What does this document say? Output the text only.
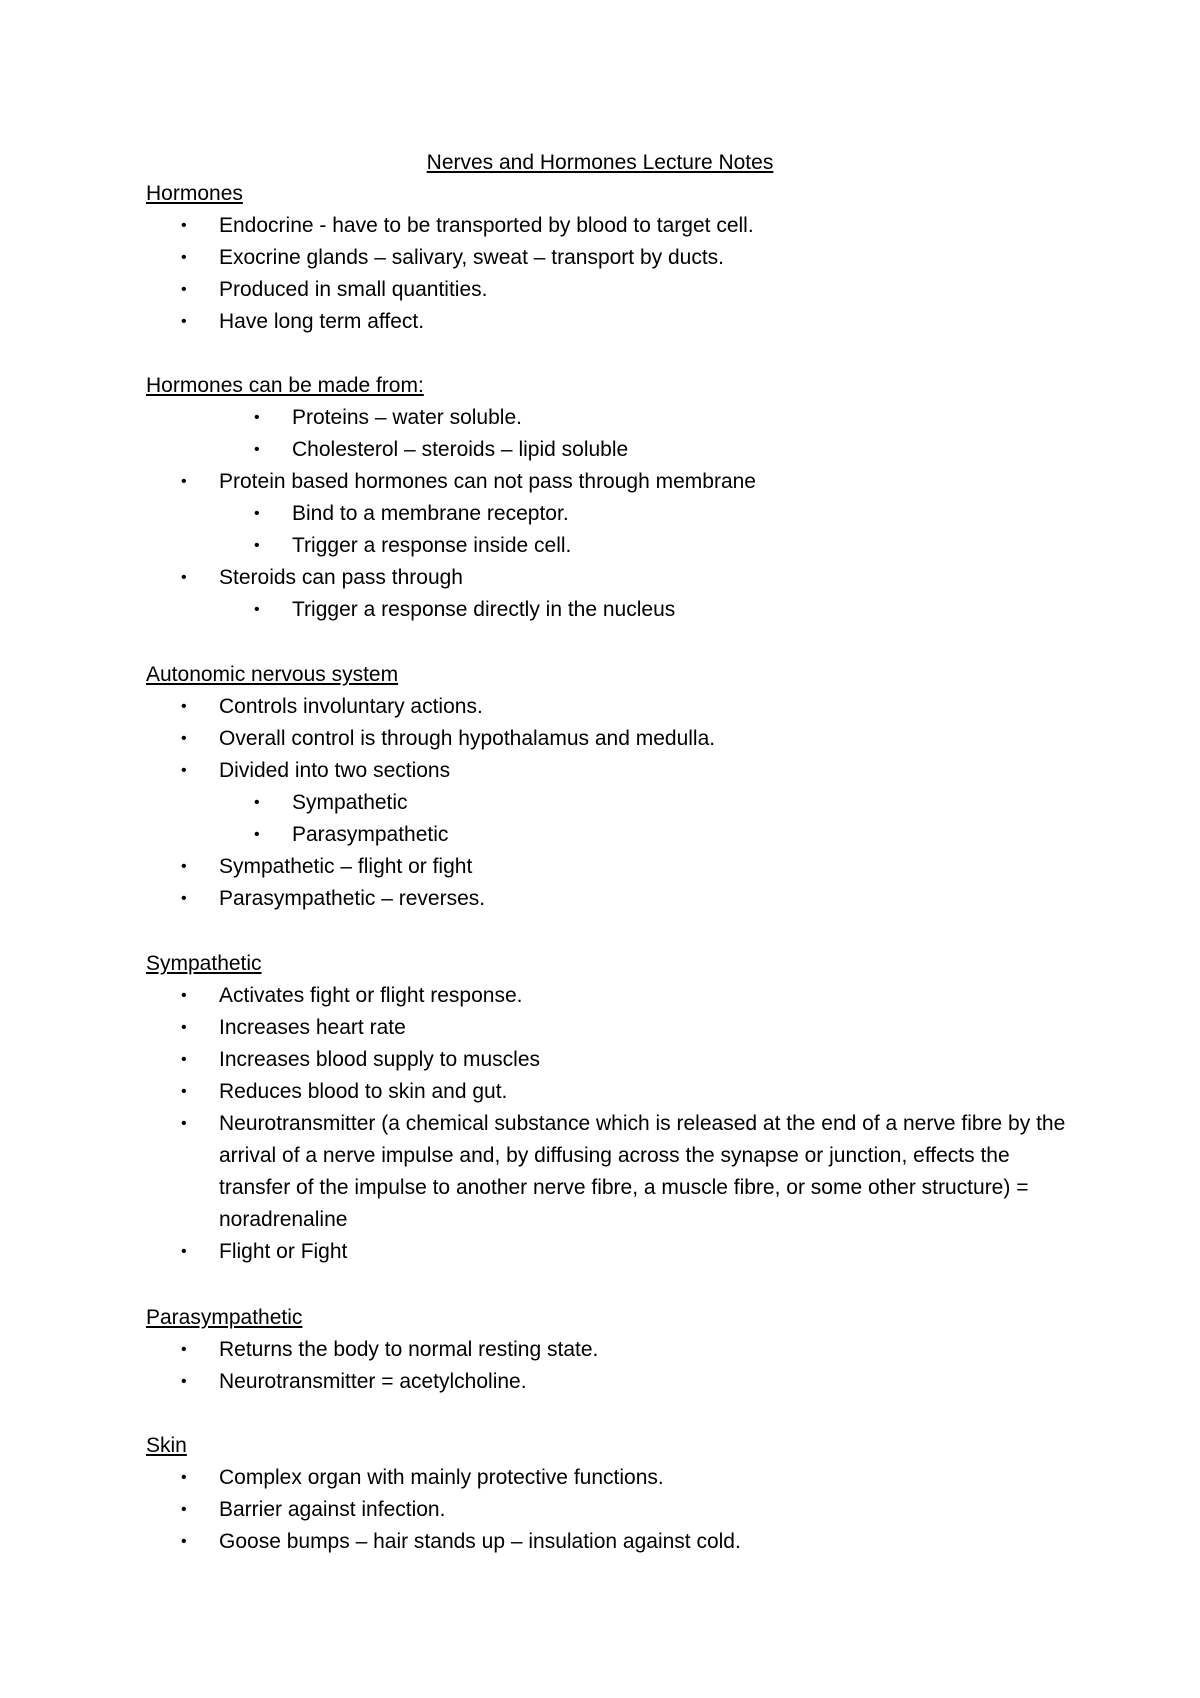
Nerves and Hormones Lecture Notes
Hormones
• Endocrine - have to be transported by blood to target cell.
• Exocrine glands – salivary, sweat – transport by ducts.
• Produced in small quantities.
• Have long term affect.
Hormones can be made from:
• Proteins – water soluble.
• Cholesterol – steroids – lipid soluble
• Protein based hormones can not pass through membrane
• Bind to a membrane receptor.
• Trigger a response inside cell.
• Steroids can pass through
• Trigger a response directly in the nucleus
Autonomic nervous system
• Controls involuntary actions.
• Overall control is through hypothalamus and medulla.
• Divided into two sections
• Sympathetic
• Parasympathetic
• Sympathetic – flight or fight
• Parasympathetic – reverses.
Sympathetic
• Activates fight or flight response.
• Increases heart rate
• Increases blood supply to muscles
• Reduces blood to skin and gut.
• Neurotransmitter (a chemical substance which is released at the end of a nerve fibre by the arrival of a nerve impulse and, by diffusing across the synapse or junction, effects the transfer of the impulse to another nerve fibre, a muscle fibre, or some other structure) = noradrenaline
• Flight or Fight
Parasympathetic
• Returns the body to normal resting state.
• Neurotransmitter = acetylcholine.
Skin
• Complex organ with mainly protective functions.
• Barrier against infection.
• Goose bumps – hair stands up – insulation against cold.
